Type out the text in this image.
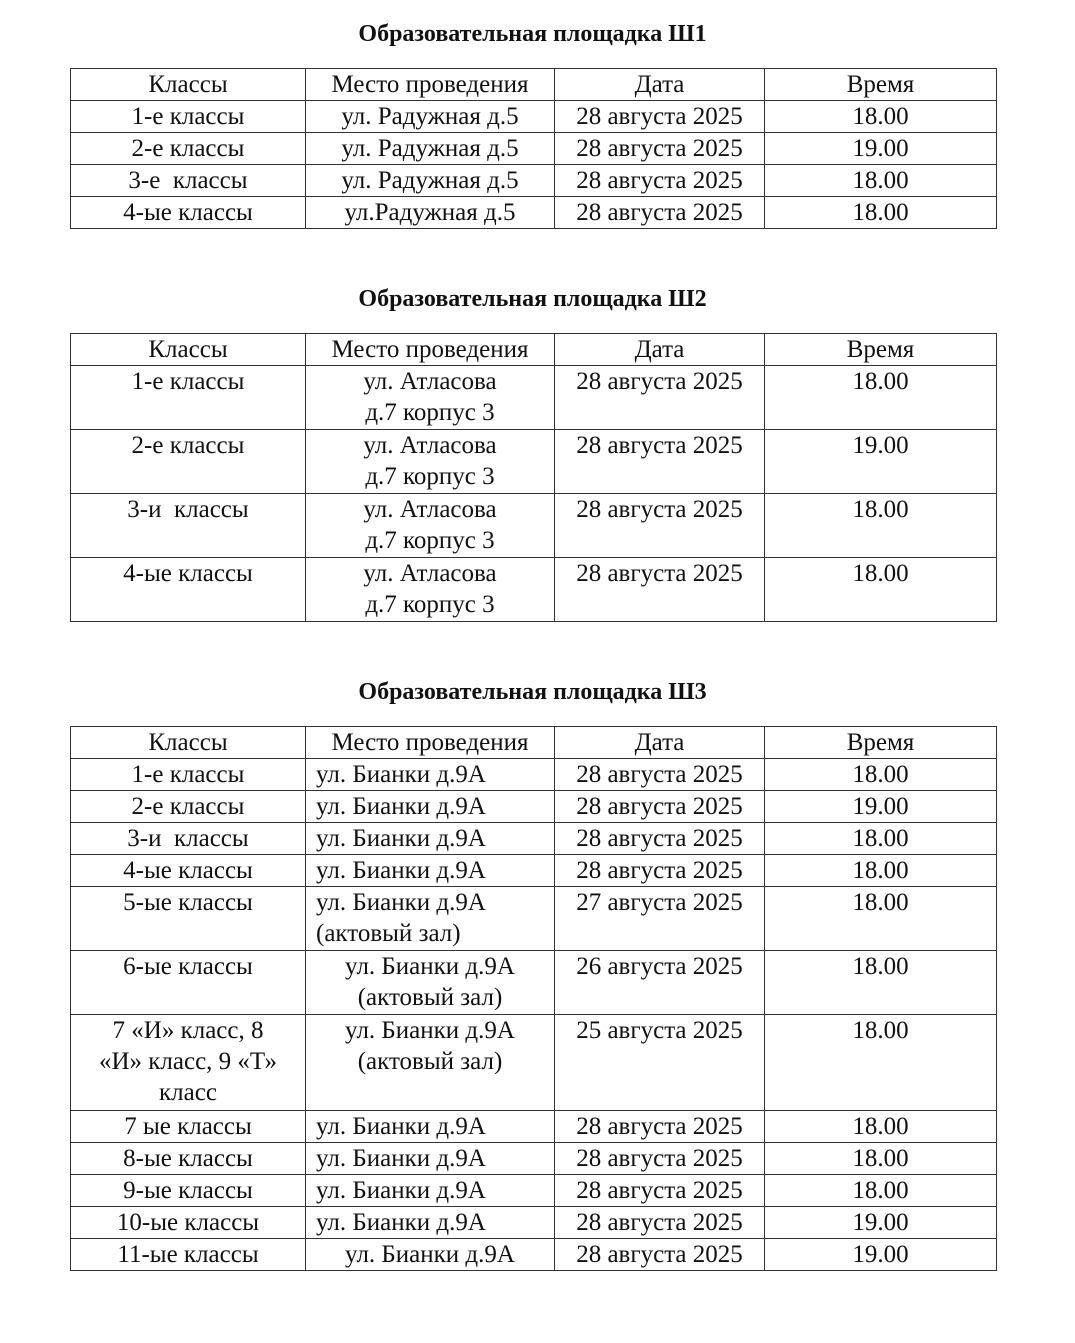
Образовательная площадка Ш1
Классы	Место проведения	Дата	Время
1-е классы	ул. Радужная д.5	28 августа 2025	18.00
2-е классы	ул. Радужная д.5	28 августа 2025	19.00
3-е  классы	ул. Радужная д.5	28 августа 2025	18.00
4-ые классы	ул.Радужная д.5	28 августа 2025	18.00
Образовательная площадка Ш2
Классы	Место проведения	Дата	Время
1-е классы	ул. Атласова д.7 корпус 3	28 августа 2025	18.00
2-е классы	ул. Атласова д.7 корпус 3	28 августа 2025	19.00
3-и  классы	ул. Атласова д.7 корпус 3	28 августа 2025	18.00
4-ые классы	ул. Атласова д.7 корпус 3	28 августа 2025	18.00
Образовательная площадка Ш3
Классы	Место проведения	Дата	Время
1-е классы	ул. Бианки д.9А	28 августа 2025	18.00
2-е классы	ул. Бианки д.9А	28 августа 2025	19.00
3-и  классы	ул. Бианки д.9А	28 августа 2025	18.00
4-ые классы	ул. Бианки д.9А	28 августа 2025	18.00
5-ые классы	ул. Бианки д.9А (актовый зал)	27 августа 2025	18.00
6-ые классы	ул. Бианки д.9А (актовый зал)	26 августа 2025	18.00
7 «И» класс, 8 «И» класс, 9 «Т» класс	ул. Бианки д.9А (актовый зал)	25 августа 2025	18.00
7 ые классы	ул. Бианки д.9А	28 августа 2025	18.00
8-ые классы	ул. Бианки д.9А	28 августа 2025	18.00
9-ые классы	ул. Бианки д.9А	28 августа 2025	18.00
10-ые классы	ул. Бианки д.9А	28 августа 2025	19.00
11-ые классы	ул. Бианки д.9А	28 августа 2025	19.00
